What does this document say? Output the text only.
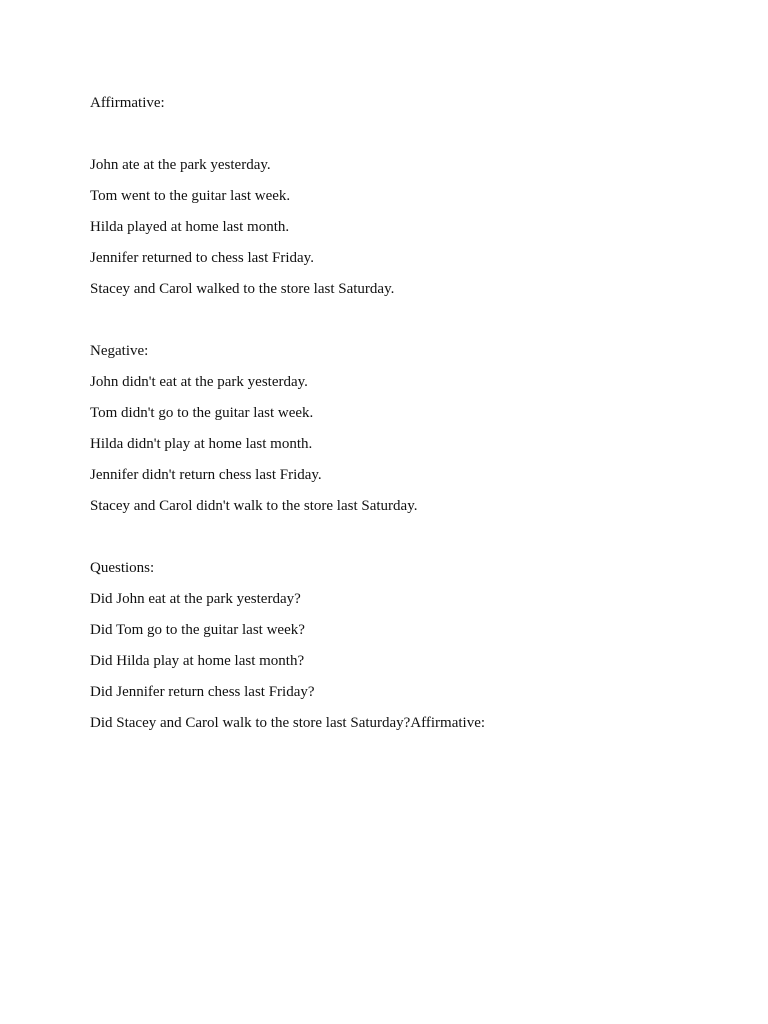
Affirmative:

John ate at the park yesterday.

Tom went to the guitar last week.

Hilda played at home last month.

Jennifer returned to chess last Friday.

Stacey and Carol walked to the store last Saturday.

Negative:

John didn't eat at the park yesterday.

Tom didn't go to the guitar last week.

Hilda didn't play at home last month.

Jennifer didn't return chess last Friday.

Stacey and Carol didn't walk to the store last Saturday.

Questions:

Did John eat at the park yesterday?

Did Tom go to the guitar last week?

Did Hilda play at home last month?

Did Jennifer return chess last Friday?

Did Stacey and Carol walk to the store last Saturday?Affirmative:
